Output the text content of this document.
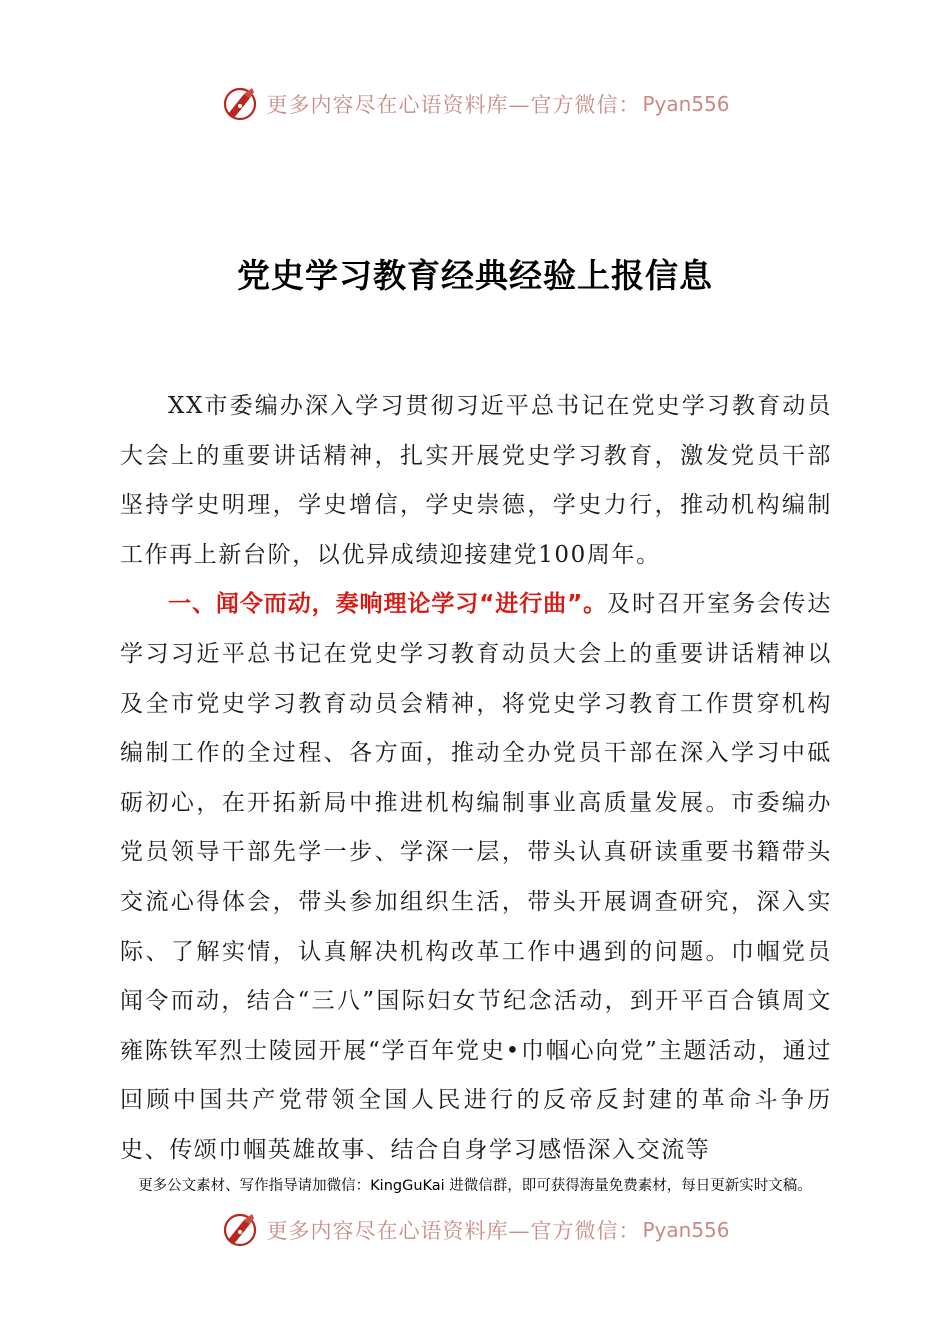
更多内容尽在心语资料库—官方微信： Pyan556
党史学习教育经典经验上报信息

XX市委编办深入学习贯彻习近平总书记在党史学习教育动员大会上的重要讲话精神，扎实开展党史学习教育，激发党员干部坚持学史明理，学史增信，学史崇德，学史力行，推动机构编制工作再上新台阶，以优异成绩迎接建党100周年。

一、闻令而动，奏响理论学习“进行曲”。及时召开室务会传达学习习近平总书记在党史学习教育动员大会上的重要讲话精神以及全市党史学习教育动员会精神，将党史学习教育工作贯穿机构编制工作的全过程、各方面，推动全办党员干部在深入学习中砥砺初心，在开拓新局中推进机构编制事业高质量发展。市委编办党员领导干部先学一步、学深一层，带头认真研读重要书籍带头交流心得体会，带头参加组织生活，带头开展调查研究，深入实际、了解实情，认真解决机构改革工作中遇到的问题。巾帼党员闻令而动，结合“三八”国际妇女节纪念活动，到开平百合镇周文雍陈铁军烈士陵园开展“学百年党史•巾帼心向党”主题活动，通过回顾中国共产党带领全国人民进行的反帝反封建的革命斗争历史、传颂巾帼英雄故事、结合自身学习感悟深入交流等

更多公文素材、写作指导请加微信：KingGuKai 进微信群，即可获得海量免费素材，每日更新实时文稿。
更多内容尽在心语资料库—官方微信： Pyan556
